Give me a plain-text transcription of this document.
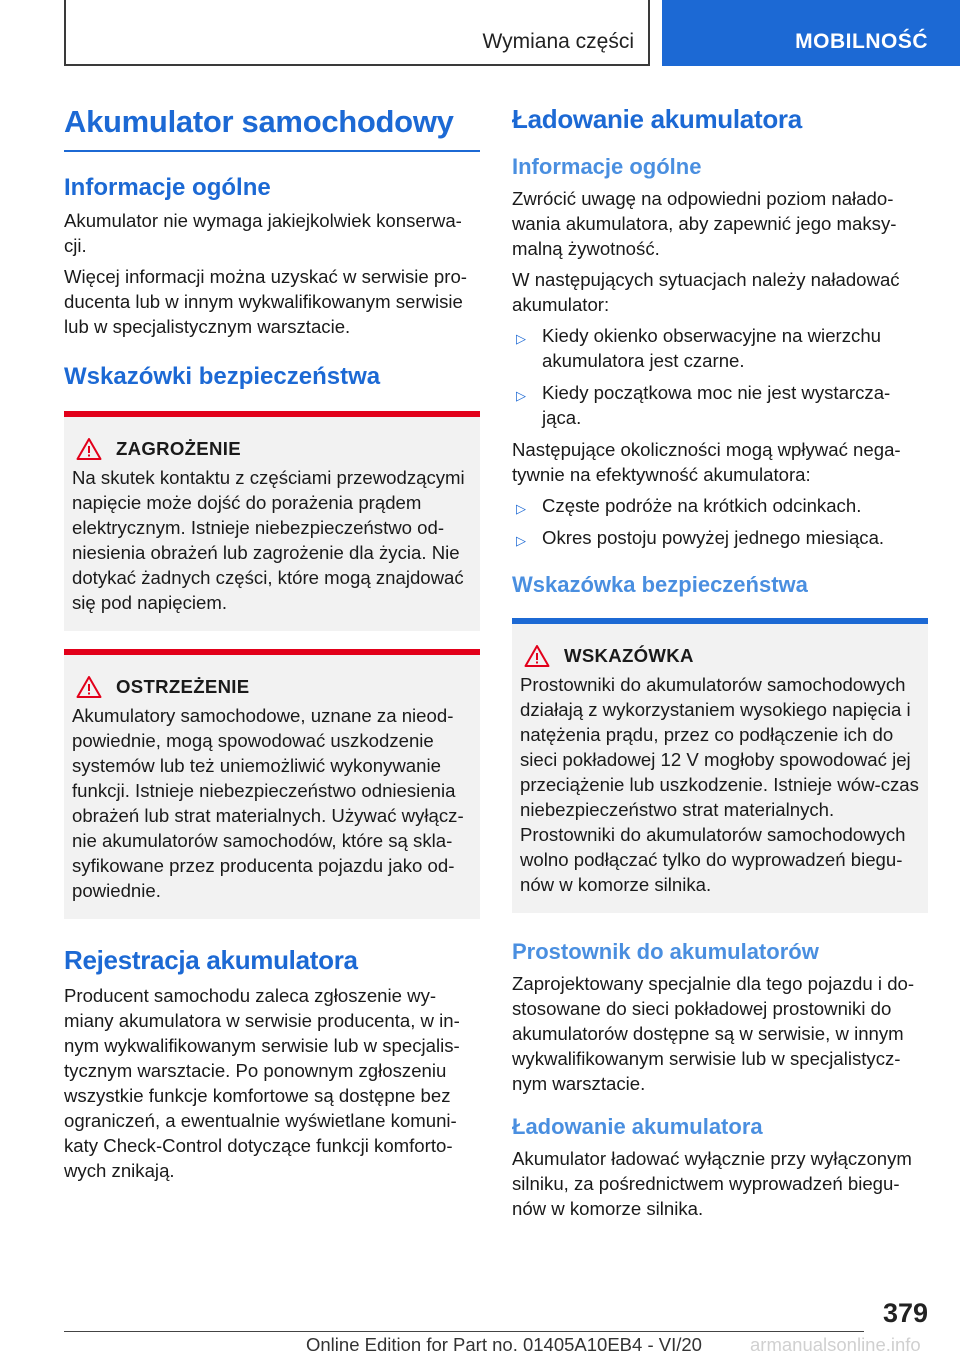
Wymiana części	MOBILNOŚĆ
Akumulator samochodowy
Informacje ogólne

Akumulator nie wymaga jakiejkolwiek konserwa-cji.

Więcej informacji można uzyskać w serwisie pro-ducenta lub w innym wykwalifikowanym serwisie lub w specjalistycznym warsztacie.

Wskazówki bezpieczeństwa
ZAGROŻENIE

Na skutek kontaktu z częściami przewodzącymi napięcie może dojść do porażenia prądem elektrycznym. Istnieje niebezpieczeństwo od-niesienia obrażeń lub zagrożenie dla życia. Nie dotykać żadnych części, które mogą znajdować się pod napięciem.

OSTRZEŻENIE

Akumulatory samochodowe, uznane za nieod-powiednie, mogą spowodować uszkodzenie systemów lub też uniemożliwić wykonywanie funkcji. Istnieje niebezpieczeństwo odniesienia obrażeń lub strat materialnych. Używać wyłącz-nie akumulatorów samochodów, które są skla-syfikowane przez producenta pojazdu jako od-powiednie.

Rejestracja akumulatora

Producent samochodu zaleca zgłoszenie wy-miany akumulatora w serwisie producenta, w in-nym wykwalifikowanym serwisie lub w specjalis-tycznym warsztacie. Po ponownym zgłoszeniu wszystkie funkcje komfortowe są dostępne bez ograniczeń, a ewentualnie wyświetlane komuni-katy Check-Control dotyczące funkcji komforto-wych znikają.

Ładowanie akumulatora
Informacje ogólne

Zwrócić uwagę na odpowiedni poziom nałado-wania akumulatora, aby zapewnić jego maksy-malną żywotność.

W następujących sytuacjach należy naładować akumulator:

▷ Kiedy okienko obserwacyjne na wierzchu akumulatora jest czarne.
▷ Kiedy początkowa moc nie jest wystarcza-jąca.

Następujące okoliczności mogą wpływać nega-tywnie na efektywność akumulatora:

▷ Częste podróże na krótkich odcinkach.
▷ Okres postoju powyżej jednego miesiąca.
Wskazówka bezpieczeństwa
WSKAZÓWKA

Prostowniki do akumulatorów samochodowych działają z wykorzystaniem wysokiego napięcia i natężenia prądu, przez co podłączenie ich do sieci pokładowej 12 V mogłoby spowodować jej przeciążenie lub uszkodzenie. Istnieje wów-czas niebezpieczeństwo strat materialnych. Prostowniki do akumulatorów samochodowych wolno podłączać tylko do wyprowadzeń biegu-nów w komorze silnika.

Prostownik do akumulatorów

Zaprojektowany specjalnie dla tego pojazdu i do-stosowane do sieci pokładowej prostowniki do akumulatorów dostępne są w serwisie, w innym wykwalifikowanym serwisie lub w specjalistycz-nym warsztacie.

Ładowanie akumulatora

Akumulator ładować wyłącznie przy wyłączonym silniku, za pośrednictwem wyprowadzeń biegu-nów w komorze silnika.

379
Online Edition for Part no. 01405A10EB4 - VI/20	armanualsonline.info
